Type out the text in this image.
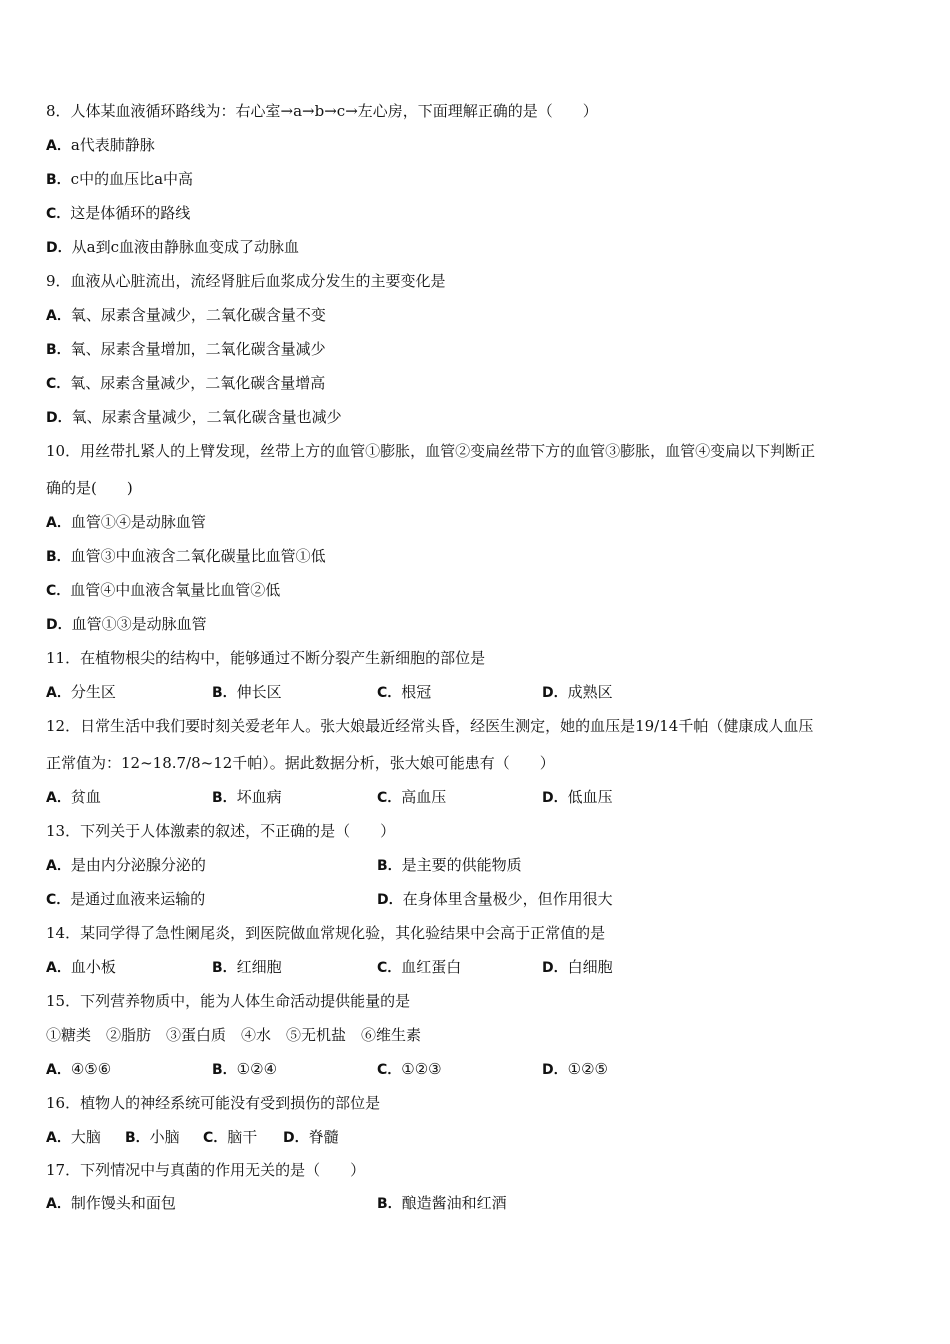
8．人体某血液循环路线为：右心室→a→b→c→左心房，下面理解正确的是（　　）
A．a代表肺静脉
B．c中的血压比a中高
C．这是体循环的路线
D．从a到c血液由静脉血变成了动脉血
9．血液从心脏流出，流经肾脏后血浆成分发生的主要变化是
A．氧、尿素含量减少，二氧化碳含量不变
B．氧、尿素含量增加，二氧化碳含量减少
C．氧、尿素含量减少，二氧化碳含量增高
D．氧、尿素含量减少，二氧化碳含量也减少
10．用丝带扎紧人的上臂发现，丝带上方的血管①膨胀，血管②变扁丝带下方的血管③膨胀，血管④变扁以下判断正
确的是(　　)
A．血管①④是动脉血管
B．血管③中血液含二氧化碳量比血管①低
C．血管④中血液含氧量比血管②低
D．血管①③是动脉血管
11．在植物根尖的结构中，能够通过不断分裂产生新细胞的部位是
A．分生区	B．伸长区	C．根冠	D．成熟区
12．日常生活中我们要时刻关爱老年人。张大娘最近经常头昏，经医生测定，她的血压是19/14千帕（健康成人血压
正常值为：12~18.7/8~12千帕）。据此数据分析，张大娘可能患有（　　）
A．贫血	B．坏血病	C．高血压	D．低血压
13．下列关于人体激素的叙述，不正确的是（　　）
A．是由内分泌腺分泌的	B．是主要的供能物质
C．是通过血液来运输的	D．在身体里含量极少，但作用很大
14．某同学得了急性阑尾炎，到医院做血常规化验，其化验结果中会高于正常值的是
A．血小板	B．红细胞	C．血红蛋白	D．白细胞
15．下列营养物质中，能为人体生命活动提供能量的是
①糖类　②脂肪　③蛋白质　④水　⑤无机盐　⑥维生素
A．④⑤⑥	B．①②④	C．①②③	D．①②⑤
16．植物人的神经系统可能没有受到损伤的部位是
A．大脑 B．小脑 C．脑干 D．脊髓
17．下列情况中与真菌的作用无关的是（　　）
A．制作馒头和面包	B．酿造酱油和红酒
